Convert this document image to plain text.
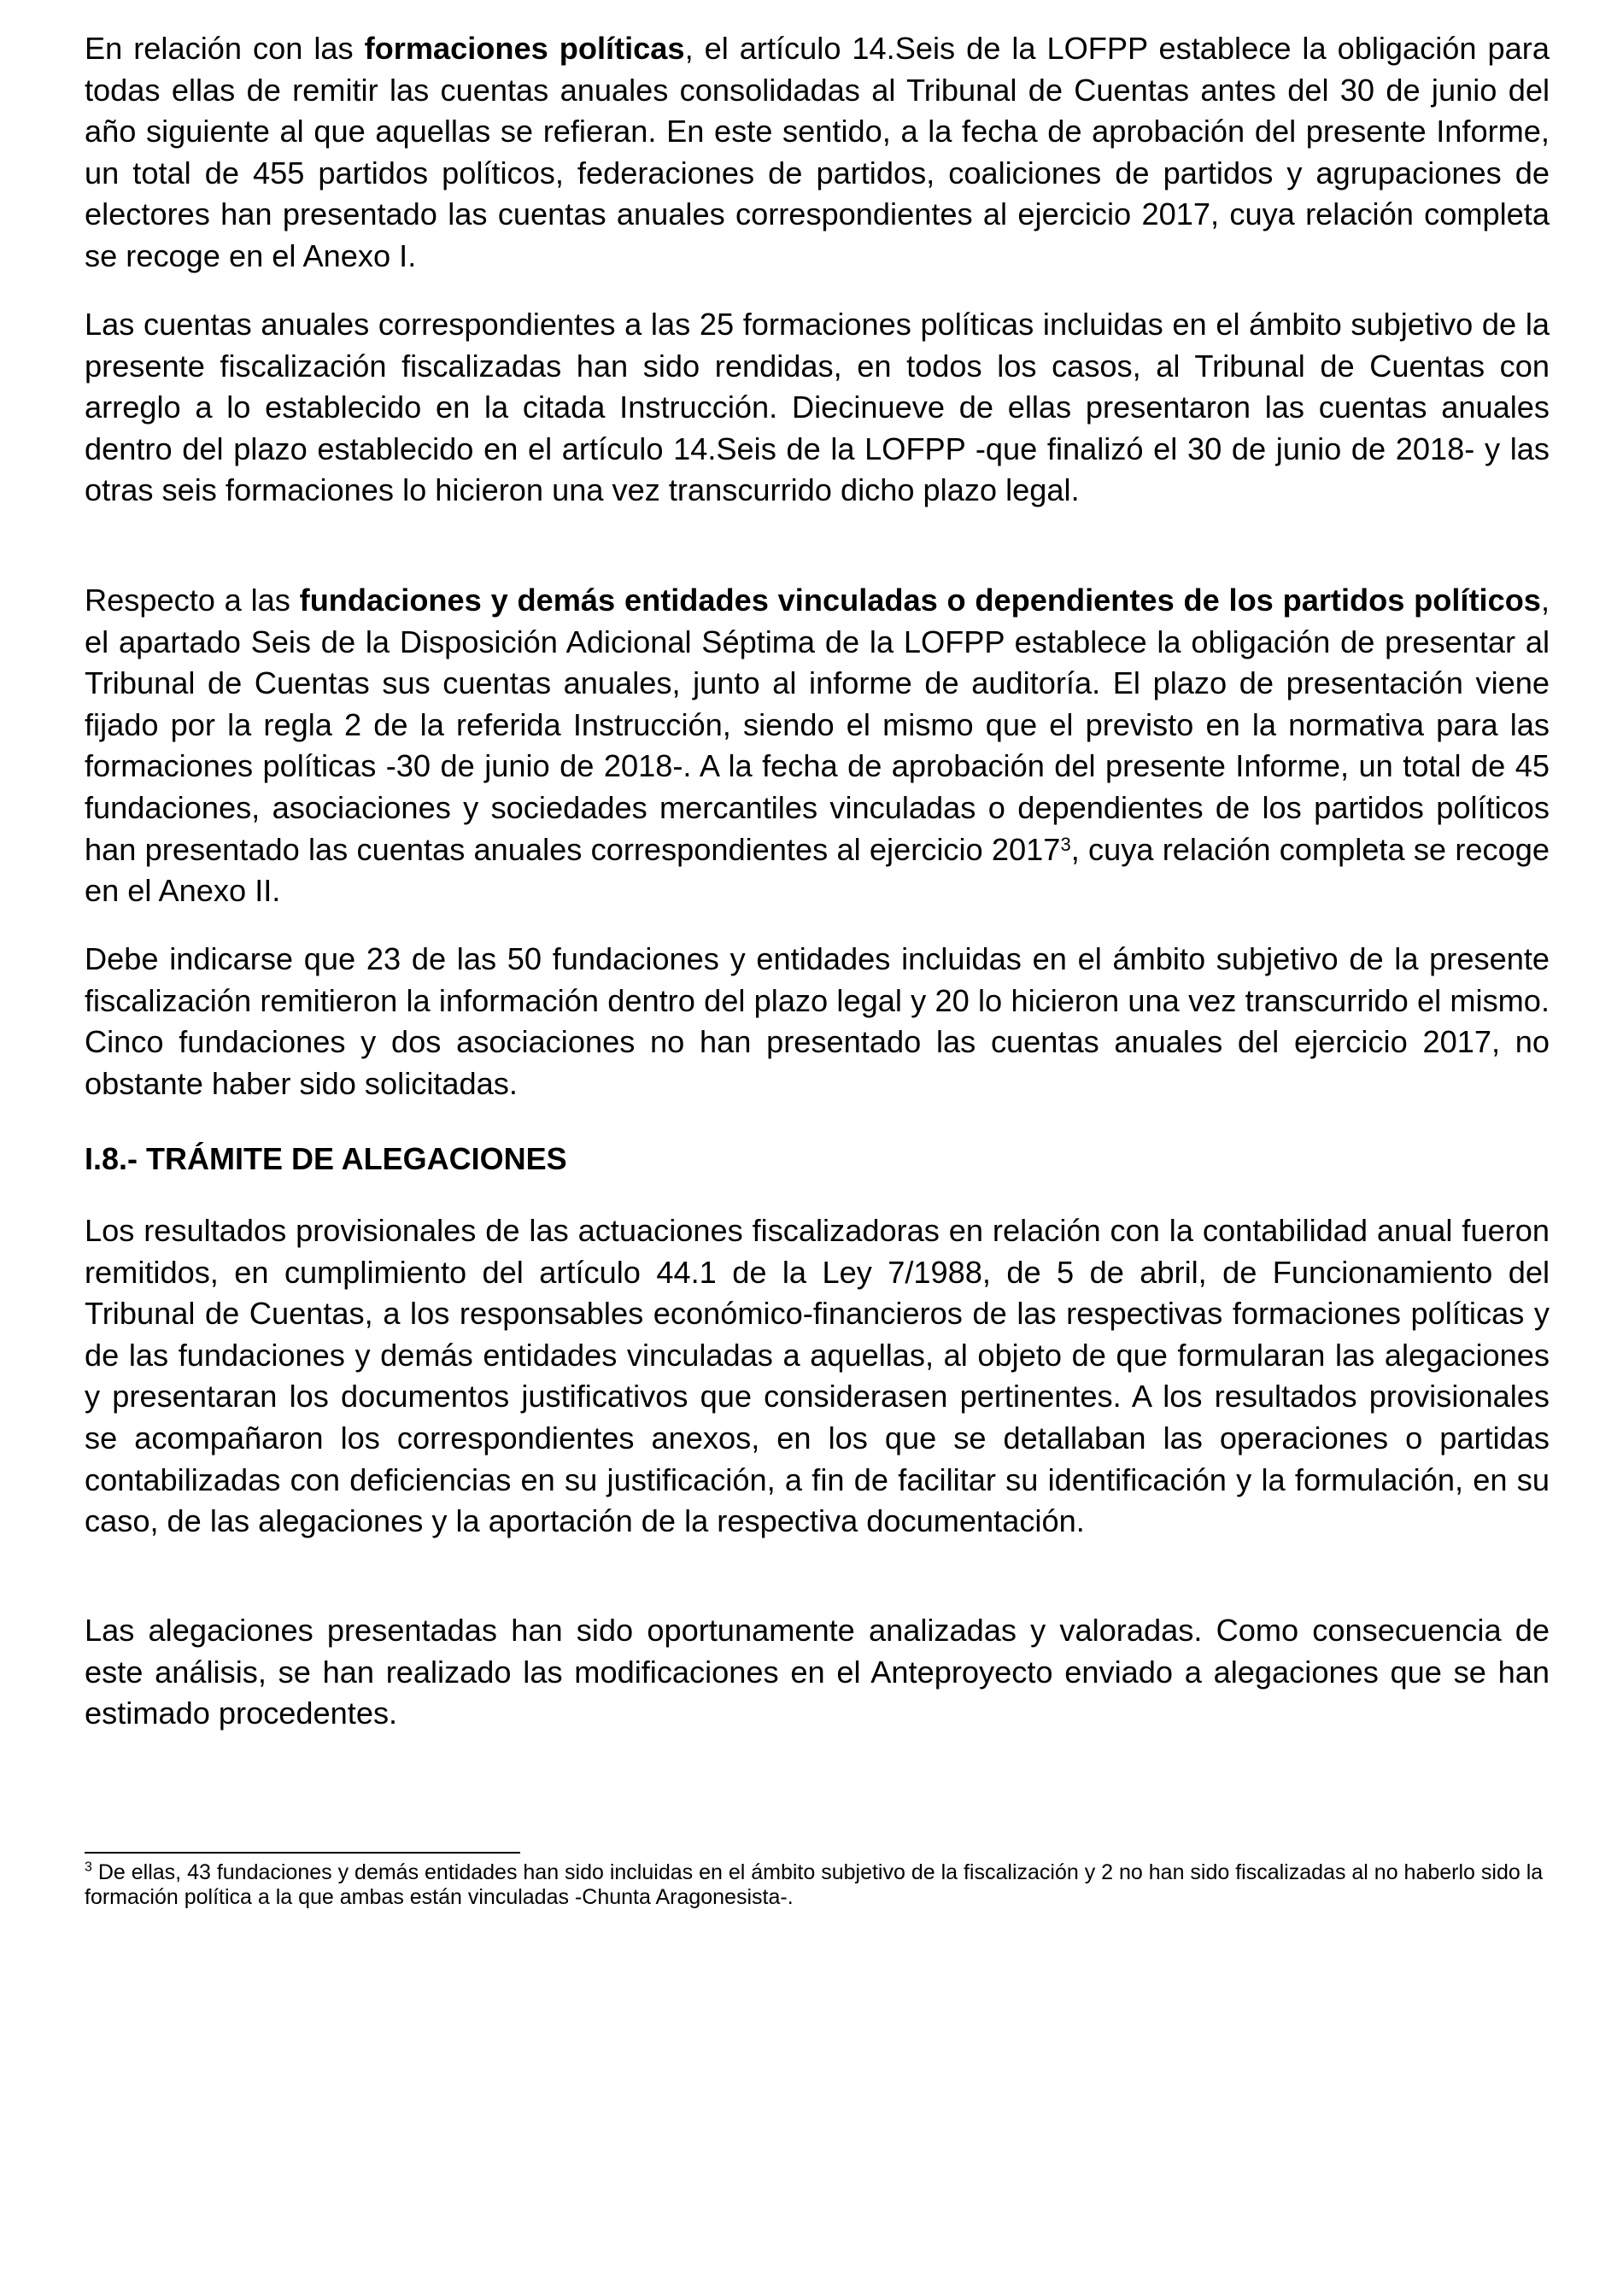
En relación con las formaciones políticas, el artículo 14.Seis de la LOFPP establece la obligación para todas ellas de remitir las cuentas anuales consolidadas al Tribunal de Cuentas antes del 30 de junio del año siguiente al que aquellas se refieran. En este sentido, a la fecha de aprobación del presente Informe, un total de 455 partidos políticos, federaciones de partidos, coaliciones de partidos y agrupaciones de electores han presentado las cuentas anuales correspondientes al ejercicio 2017, cuya relación completa se recoge en el Anexo I.

Las cuentas anuales correspondientes a las 25 formaciones políticas incluidas en el ámbito subjetivo de la presente fiscalización fiscalizadas han sido rendidas, en todos los casos, al Tribunal de Cuentas con arreglo a lo establecido en la citada Instrucción. Diecinueve de ellas presentaron las cuentas anuales dentro del plazo establecido en el artículo 14.Seis de la LOFPP -que finalizó el 30 de junio de 2018- y las otras seis formaciones lo hicieron una vez transcurrido dicho plazo legal.

Respecto a las fundaciones y demás entidades vinculadas o dependientes de los partidos políticos, el apartado Seis de la Disposición Adicional Séptima de la LOFPP establece la obligación de presentar al Tribunal de Cuentas sus cuentas anuales, junto al informe de auditoría. El plazo de presentación viene fijado por la regla 2 de la referida Instrucción, siendo el mismo que el previsto en la normativa para las formaciones políticas -30 de junio de 2018-. A la fecha de aprobación del presente Informe, un total de 45 fundaciones, asociaciones y sociedades mercantiles vinculadas o dependientes de los partidos políticos han presentado las cuentas anuales correspondientes al ejercicio 2017$^3$, cuya relación completa se recoge en el Anexo II.

Debe indicarse que 23 de las 50 fundaciones y entidades incluidas en el ámbito subjetivo de la presente fiscalización remitieron la información dentro del plazo legal y 20 lo hicieron una vez transcurrido el mismo. Cinco fundaciones y dos asociaciones no han presentado las cuentas anuales del ejercicio 2017, no obstante haber sido solicitadas.

I.8.- TRÁMITE DE ALEGACIONES

Los resultados provisionales de las actuaciones fiscalizadoras en relación con la contabilidad anual fueron remitidos, en cumplimiento del artículo 44.1 de la Ley 7/1988, de 5 de abril, de Funcionamiento del Tribunal de Cuentas, a los responsables económico-financieros de las respectivas formaciones políticas y de las fundaciones y demás entidades vinculadas a aquellas, al objeto de que formularan las alegaciones y presentaran los documentos justificativos que considerasen pertinentes. A los resultados provisionales se acompañaron los correspondientes anexos, en los que se detallaban las operaciones o partidas contabilizadas con deficiencias en su justificación, a fin de facilitar su identificación y la formulación, en su caso, de las alegaciones y la aportación de la respectiva documentación.

Las alegaciones presentadas han sido oportunamente analizadas y valoradas. Como consecuencia de este análisis, se han realizado las modificaciones en el Anteproyecto enviado a alegaciones que se han estimado procedentes.

$^3$ De ellas, 43 fundaciones y demás entidades han sido incluidas en el ámbito subjetivo de la fiscalización y 2 no han sido fiscalizadas al no haberlo sido la formación política a la que ambas están vinculadas -Chunta Aragonesista-.
